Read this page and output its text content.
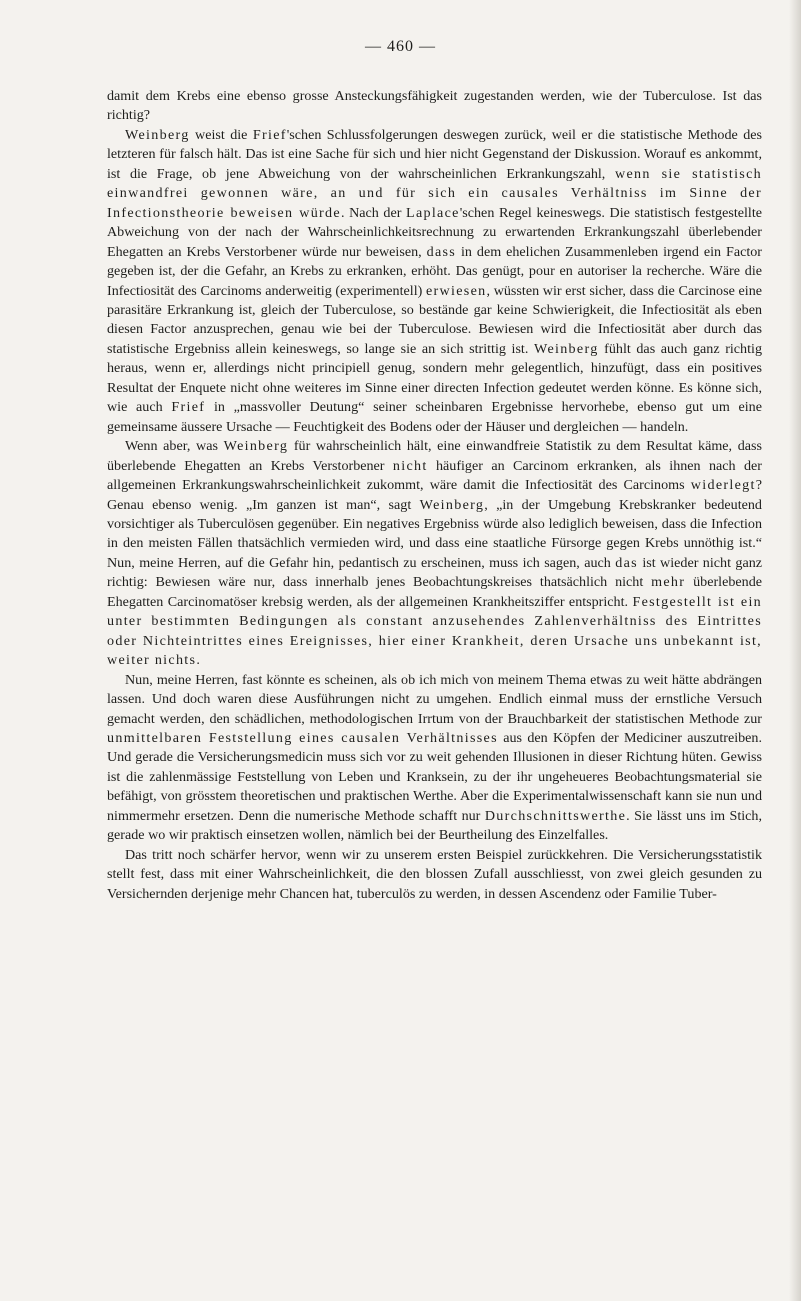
— 460 —

damit dem Krebs eine ebenso grosse Ansteckungsfähigkeit zugestanden werden, wie der Tuberculose. Ist das richtig?

Weinberg weist die Frief'schen Schlussfolgerungen deswegen zurück, weil er die statistische Methode des letzteren für falsch hält. Das ist eine Sache für sich und hier nicht Gegenstand der Diskussion. Worauf es ankommt, ist die Frage, ob jene Abweichung von der wahrscheinlichen Erkrankungszahl, wenn sie statistisch einwandfrei gewonnen wäre, an und für sich ein causales Verhältniss im Sinne der Infectionstheorie beweisen würde. Nach der Laplace'schen Regel keineswegs. Die statistisch festgestellte Abweichung von der nach der Wahrscheinlichkeitsrechnung zu erwartenden Erkrankungszahl überlebender Ehegatten an Krebs Verstorbener würde nur beweisen, dass in dem ehelichen Zusammenleben irgend ein Factor gegeben ist, der die Gefahr, an Krebs zu erkranken, erhöht. Das genügt, pour en autoriser la recherche. Wäre die Infectiosität des Carcinoms anderweitig (experimentell) erwiesen, wüssten wir erst sicher, dass die Carcinose eine parasitäre Erkrankung ist, gleich der Tuberculose, so bestände gar keine Schwierigkeit, die Infectiosität als eben diesen Factor anzusprechen, genau wie bei der Tuberculose. Bewiesen wird die Infectiosität aber durch das statistische Ergebniss allein keineswegs, so lange sie an sich strittig ist. Weinberg fühlt das auch ganz richtig heraus, wenn er, allerdings nicht principiell genug, sondern mehr gelegentlich, hinzufügt, dass ein positives Resultat der Enquete nicht ohne weiteres im Sinne einer directen Infection gedeutet werden könne. Es könne sich, wie auch Frief in „massvoller Deutung“ seiner scheinbaren Ergebnisse hervorhebe, ebenso gut um eine gemeinsame äussere Ursache — Feuchtigkeit des Bodens oder der Häuser und dergleichen — handeln.

Wenn aber, was Weinberg für wahrscheinlich hält, eine einwandfreie Statistik zu dem Resultat käme, dass überlebende Ehegatten an Krebs Verstorbener nicht häufiger an Carcinom erkranken, als ihnen nach der allgemeinen Erkrankungswahrscheinlichkeit zukommt, wäre damit die Infectiosität des Carcinoms widerlegt? Genau ebenso wenig. „Im ganzen ist man“, sagt Weinberg, „in der Umgebung Krebskranker bedeutend vorsichtiger als Tuberculösen gegenüber. Ein negatives Ergebniss würde also lediglich beweisen, dass die Infection in den meisten Fällen thatsächlich vermieden wird, und dass eine staatliche Fürsorge gegen Krebs unnöthig ist.“ Nun, meine Herren, auf die Gefahr hin, pedantisch zu erscheinen, muss ich sagen, auch das ist wieder nicht ganz richtig: Bewiesen wäre nur, dass innerhalb jenes Beobachtungskreises thatsächlich nicht mehr überlebende Ehegatten Carcinomatöser krebsig werden, als der allgemeinen Krankheitsziffer entspricht. Festgestellt ist ein unter bestimmten Bedingungen als constant anzusehendes Zahlenverhältniss des Eintrittes oder Nichteintrittes eines Ereignisses, hier einer Krankheit, deren Ursache uns unbekannt ist, weiter nichts.

Nun, meine Herren, fast könnte es scheinen, als ob ich mich von meinem Thema etwas zu weit hätte abdrängen lassen. Und doch waren diese Ausführungen nicht zu umgehen. Endlich einmal muss der ernstliche Versuch gemacht werden, den schädlichen, methodologischen Irrtum von der Brauchbarkeit der statistischen Methode zur unmittelbaren Feststellung eines causalen Verhältnisses aus den Köpfen der Mediciner auszutreiben. Und gerade die Versicherungsmedicin muss sich vor zu weit gehenden Illusionen in dieser Richtung hüten. Gewiss ist die zahlenmässige Feststellung von Leben und Kranksein, zu der ihr ungeheueres Beobachtungsmaterial sie befähigt, von grösstem theoretischen und praktischen Werthe. Aber die Experimentalwissenschaft kann sie nun und nimmermehr ersetzen. Denn die numerische Methode schafft nur Durchschnittswerthe. Sie lässt uns im Stich, gerade wo wir praktisch einsetzen wollen, nämlich bei der Beurtheilung des Einzelfalles.

Das tritt noch schärfer hervor, wenn wir zu unserem ersten Beispiel zurückkehren. Die Versicherungsstatistik stellt fest, dass mit einer Wahrscheinlichkeit, die den blossen Zufall ausschliesst, von zwei gleich gesunden zu Versichernden derjenige mehr Chancen hat, tuberculös zu werden, in dessen Ascendenz oder Familie Tuber-
